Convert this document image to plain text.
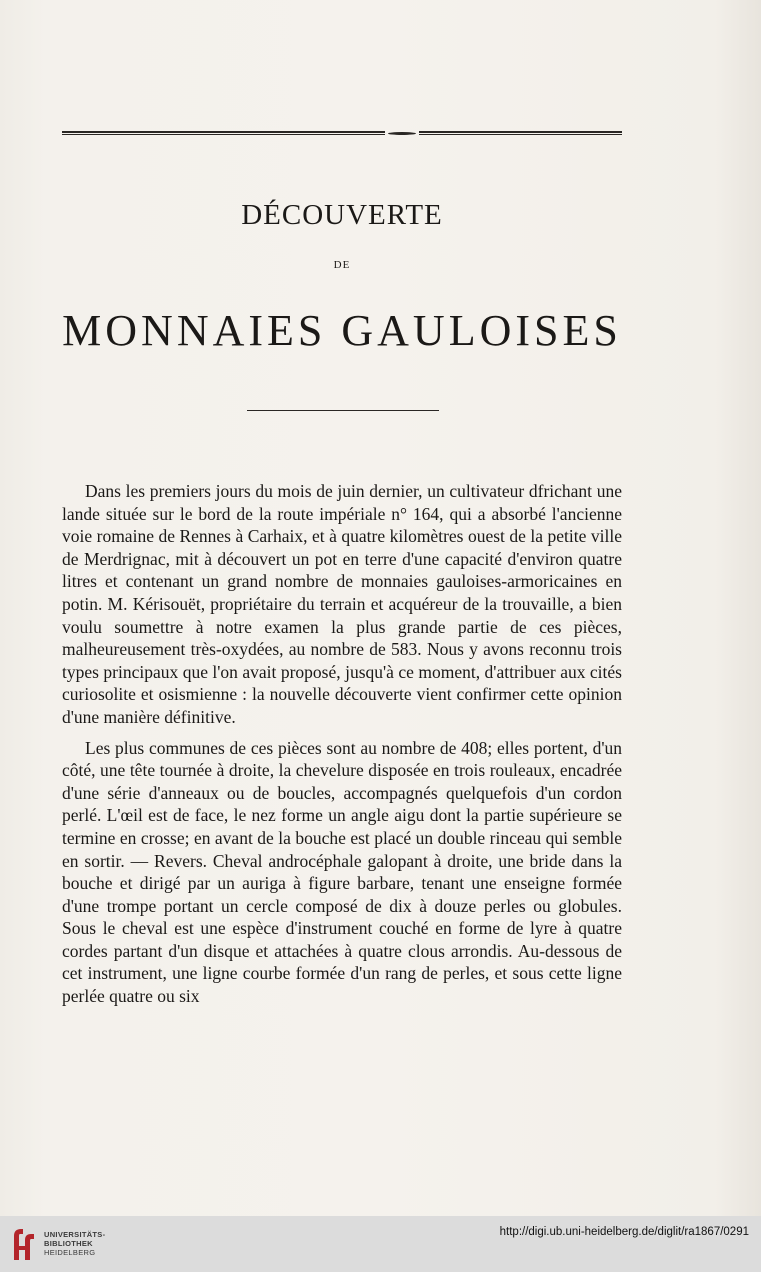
DÉCOUVERTE
DE
MONNAIES GAULOISES

Dans les premiers jours du mois de juin dernier, un cultivateur dfrichant une lande située sur le bord de la route impériale n° 164, qui a absorbé l'ancienne voie romaine de Rennes à Carhaix, et à quatre kilomètres ouest de la petite ville de Merdrignac, mit à découvert un pot en terre d'une capacité d'environ quatre litres et contenant un grand nombre de monnaies gauloises-armoricaines en potin. M. Kérisouët, propriétaire du terrain et acquéreur de la trouvaille, a bien voulu soumettre à notre examen la plus grande partie de ces pièces, malheureusement très-oxydées, au nombre de 583. Nous y avons reconnu trois types principaux que l'on avait proposé, jusqu'à ce moment, d'attribuer aux cités curiosolite et osismienne : la nouvelle découverte vient confirmer cette opinion d'une manière définitive.

Les plus communes de ces pièces sont au nombre de 408; elles portent, d'un côté, une tête tournée à droite, la chevelure disposée en trois rouleaux, encadrée d'une série d'anneaux ou de boucles, accompagnés quelquefois d'un cordon perlé. L'œil est de face, le nez forme un angle aigu dont la partie supérieure se termine en crosse; en avant de la bouche est placé un double rinceau qui semble en sortir. — Revers. Cheval androcéphale galopant à droite, une bride dans la bouche et dirigé par un auriga à figure barbare, tenant une enseigne formée d'une trompe portant un cercle composé de dix à douze perles ou globules. Sous le cheval est une espèce d'instrument couché en forme de lyre à quatre cordes partant d'un disque et attachées à quatre clous arrondis. Au-dessous de cet instrument, une ligne courbe formée d'un rang de perles, et sous cette ligne perlée quatre ou six

UNIVERSITÄTS-
BIBLIOTHEK
HEIDELBERG
http://digi.ub.uni-heidelberg.de/diglit/ra1867/0291
